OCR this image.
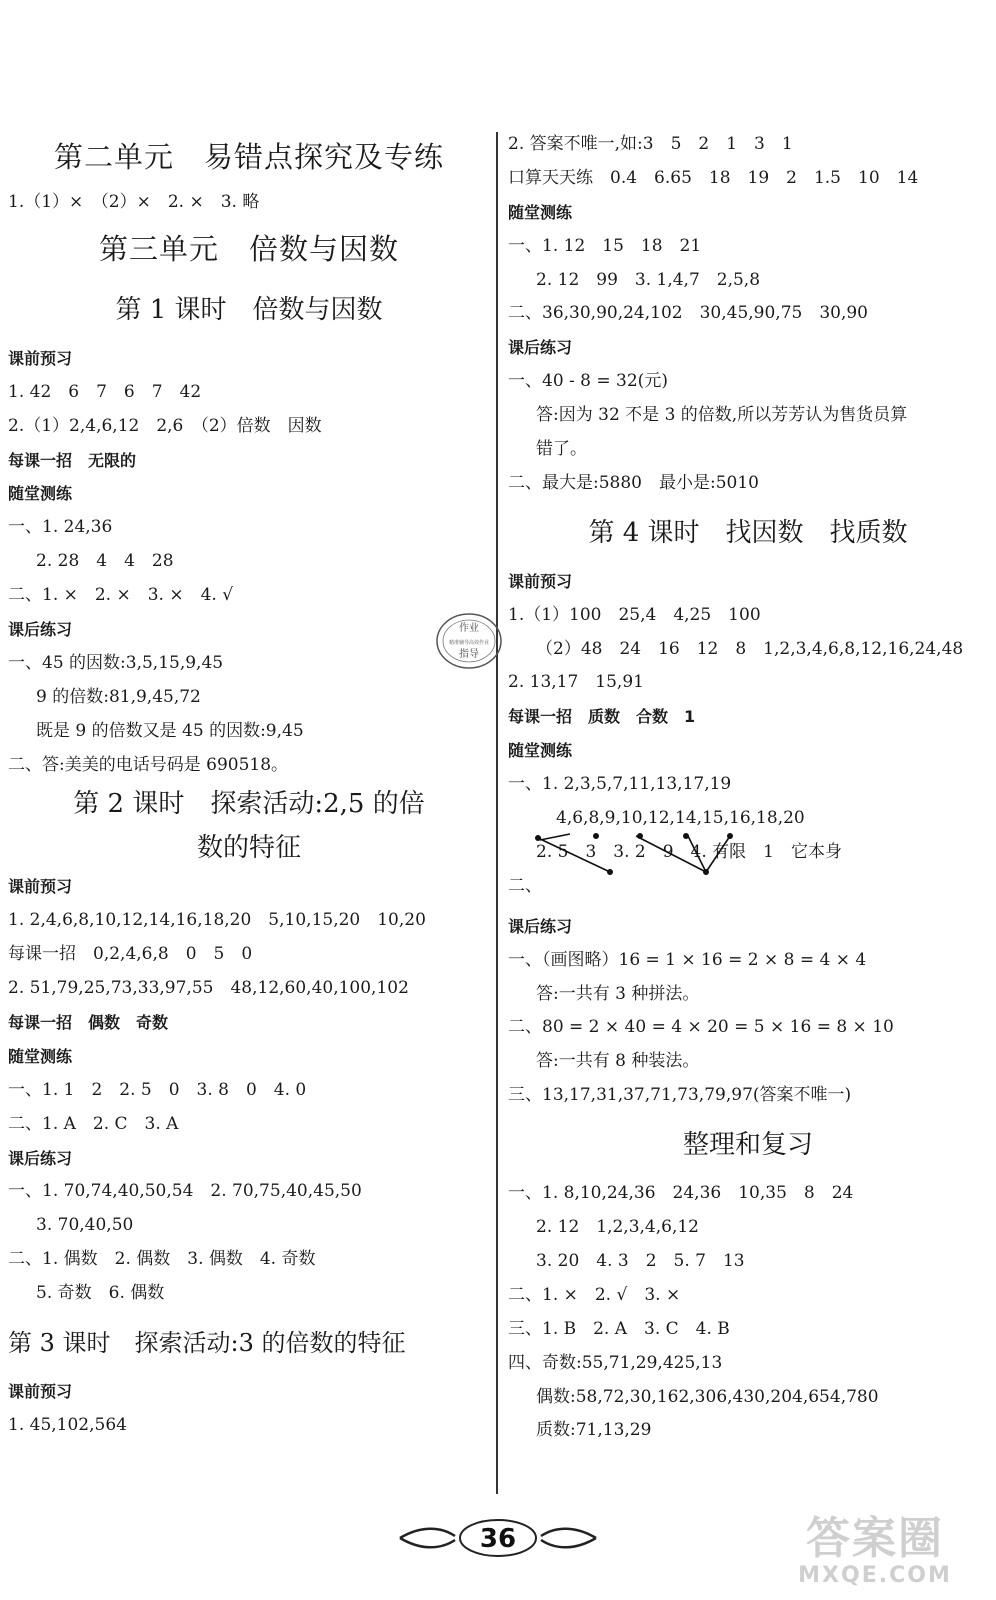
第二单元　易错点探究及专练
1.（1）×　（2）×　2. ×　3. 略
第三单元　倍数与因数
第 1 课时　倍数与因数
课前预习
1. 42　6　7　6　7　42
2.（1）2,4,6,12　2,6　（2）倍数　因数
每课一招　无限的
随堂测练
一、1. 24,36
2. 28　4　4　28
二、1. ×　2. ×　3. ×　4. √
课后练习
一、45 的因数:3,5,15,9,45
9 的倍数:81,9,45,72
既是 9 的倍数又是 45 的因数:9,45
二、答:美美的电话号码是 690518。
第 2 课时　探索活动:2,5 的倍
数的特征
课前预习
1. 2,4,6,8,10,12,14,16,18,20　5,10,15,20　10,20
每课一招　0,2,4,6,8　0　5　0
2. 51,79,25,73,33,97,55　48,12,60,40,100,102
每课一招　偶数　奇数
随堂测练
一、1. 1　2　2. 5　0　3. 8　0　4. 0
二、1. A　2. C　3. A
课后练习
一、1. 70,74,40,50,54　2. 70,75,40,45,50
3. 70,40,50
二、1. 偶数　2. 偶数　3. 偶数　4. 奇数
5. 奇数　6. 偶数
第 3 课时　探索活动:3 的倍数的特征
课前预习
1. 45,102,564
2. 答案不唯一,如:3　5　2　1　3　1
口算天天练　0.4　6.65　18　19　2　1.5　10　14
随堂测练
一、1. 12　15　18　21
2. 12　99　3. 1,4,7　2,5,8
二、36,30,90,24,102　30,45,90,75　30,90
课后练习
一、40 - 8 = 32(元)
答:因为 32 不是 3 的倍数,所以芳芳认为售货员算
错了。
二、最大是:5880　最小是:5010
第 4 课时　找因数　找质数
课前预习
1.（1）100　25,4　4,25　100
（2）48　24　16　12　8　1,2,3,4,6,8,12,16,24,48
2. 13,17　15,91
每课一招　质数　合数　1
随堂测练
一、1. 2,3,5,7,11,13,17,19
4,6,8,9,10,12,14,15,16,18,20
2. 5　3　3. 2　9　4. 有限　1　它本身
二、
课后练习
一、（画图略）16 = 1 × 16 = 2 × 8 = 4 × 4
答:一共有 3 种拼法。
二、80 = 2 × 40 = 4 × 20 = 5 × 16 = 8 × 10
答:一共有 8 种装法。
三、13,17,31,37,71,73,79,97(答案不唯一)
整理和复习
一、1. 8,10,24,36　24,36　10,35　8　24
2. 12　1,2,3,4,6,12
3. 20　4. 3　2　5. 7　13
二、1. ×　2. √　3. ×
三、1. B　2. A　3. C　4. B
四、奇数:55,71,29,425,13
偶数:58,72,30,162,306,430,204,654,780
质数:71,13,29
作业
精准辅导高效作业
指导
36	答案圈
MXQE.COM
